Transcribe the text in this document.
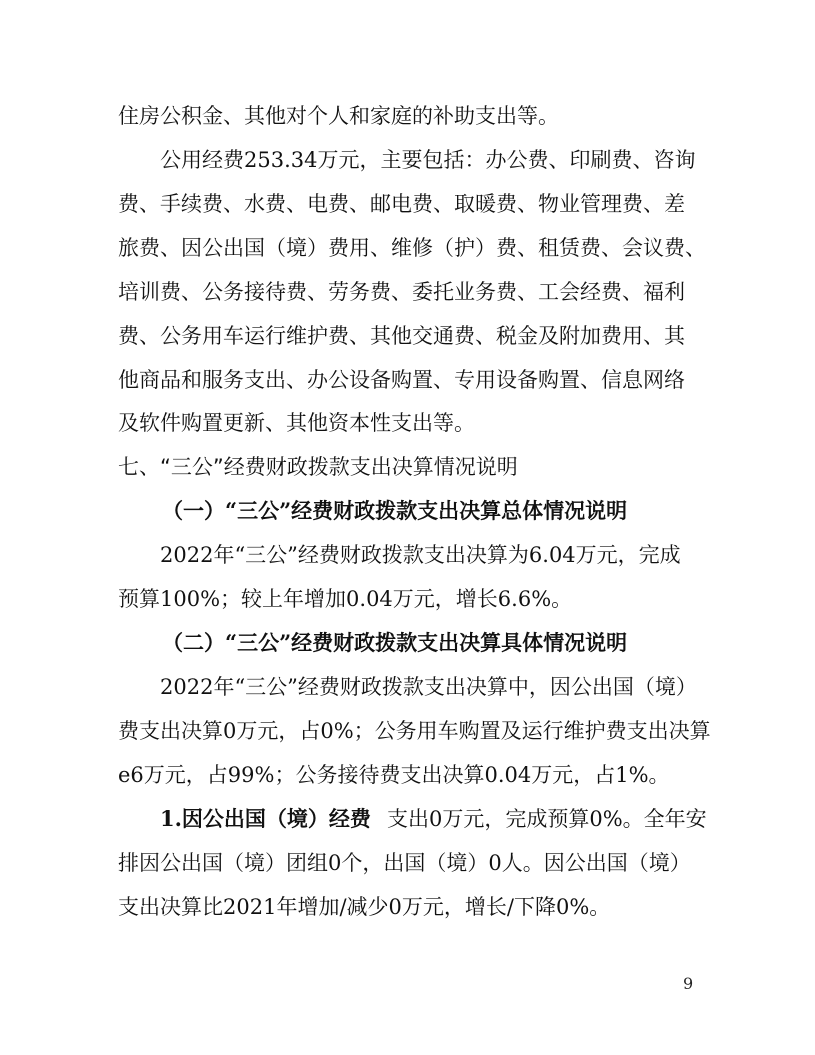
住房公积金、其他对个人和家庭的补助支出等。
公用经费253.34万元，主要包括：办公费、印刷费、咨询
费、手续费、水费、电费、邮电费、取暖费、物业管理费、差
旅费、因公出国（境）费用、维修（护）费、租赁费、会议费、
培训费、公务接待费、劳务费、委托业务费、工会经费、福利
费、公务用车运行维护费、其他交通费、税金及附加费用、其
他商品和服务支出、办公设备购置、专用设备购置、信息网络
及软件购置更新、其他资本性支出等。
七、“三公”经费财政拨款支出决算情况说明
（一）“三公”经费财政拨款支出决算总体情况说明
2022年“三公”经费财政拨款支出决算为6.04万元，完成
预算100%；较上年增加0.04万元，增长6.6%。
（二）“三公”经费财政拨款支出决算具体情况说明
2022年“三公”经费财政拨款支出决算中，因公出国（境）
费支出决算0万元，占0%；公务用车购置及运行维护费支出决算
e6万元，占99%；公务接待费支出决算0.04万元，占1%。
1.因公出国（境）经费 支出0万元，完成预算0%。全年安
排因公出国（境）团组0个，出国（境）0人。因公出国（境）
支出决算比2021年增加/减少0万元，增长/下降0%。
9
